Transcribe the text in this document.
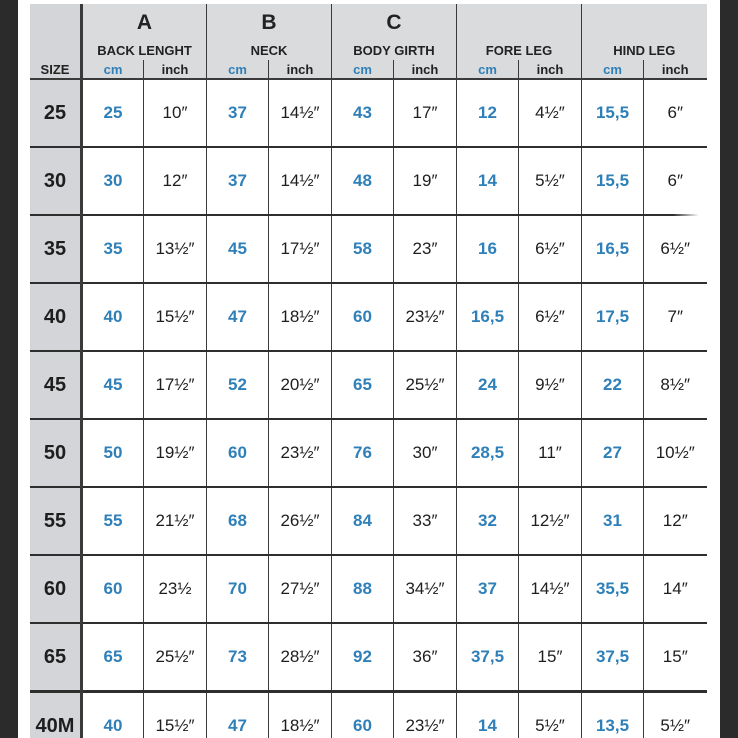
	A		B		C					
	BACK LENGHT		NECK		BODY GIRTH		FORE LEG		HIND LEG	
SIZE	cm	inch	cm	inch	cm	inch	cm	inch	cm	inch
25	25	10″	37	14½″	43	17″	12	4½″	15,5	6″
30	30	12″	37	14½″	48	19″	14	5½″	15,5	6″
35	35	13½″	45	17½″	58	23″	16	6½″	16,5	6½″
40	40	15½″	47	18½″	60	23½″	16,5	6½″	17,5	7″
45	45	17½″	52	20½″	65	25½″	24	9½″	22	8½″
50	50	19½″	60	23½″	76	30″	28,5	11″	27	10½″
55	55	21½″	68	26½″	84	33″	32	12½″	31	12″
60	60	23½	70	27½″	88	34½″	37	14½″	35,5	14″
65	65	25½″	73	28½″	92	36″	37,5	15″	37,5	15″
40M	40	15½″	47	18½″	60	23½″	14	5½″	13,5	5½″
